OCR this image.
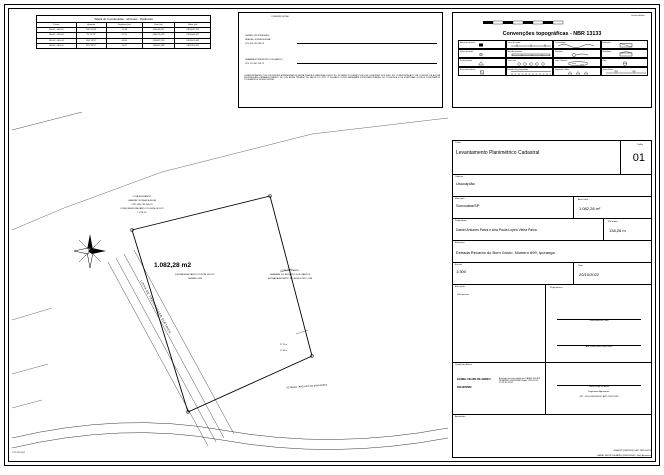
Tabela de Coordenadas - azimutes - Distâncias
Ponto	Azimute	Distância (m)	Este (m)	Norte (m)
M0-01 - M0-02	236°37'09"	17,49	254645,032	7401447,762
M0-02 - M0-03	75°17'05"	27,11	254671,478	7401463,427
M0-03 - M0-04	156°78'12"	45,96	254687,219	7401441,482
M0-04 - M0-01	221°39'17"	15,47	254661,438	7401411,437
CONFERIR NOTAS
OWNER / PROPRIETÁRIO
GRACIELI FONSECA SILVA
CPF: 855.746.768-73
GRAVAME ET/REGISTRO DOS SANTOS
CPF: 112.567.228-75
CONFRONTANTES COM OS IMÓVEIS APRESENTADOS NESTA PLANTA E MEMORIAL ÚNICO NO TOCANTE DO ESPAÇO EM QUE CONFIRMO DOS FINS. FOI CONFRONTAÇÃO COM O IMÓVEL DE ACQUA PROPRIEDADE ESTABELECIMENTO DE QUE ASSIM TÉRMINO DE VALOR DO TIPO, O ELEVADO OUTRO ARREMATE ESTÁ PARTICIPAÇÃO DO CONJUGUE E DE EVENTUAIS OUTROS CONDÔMINOS TITULARES DE NOSSO IMÓVEL.
Escala Gráfica:
Convenções topográficas - NBR 13133
Marco de concreto	Cerca de arame	Curso d'água	Edificação
Vértice de divisa	Muro de alvenaria	Nascente	Benfeitoria
Ponto de apoio	Cerca viva	Lago / Represa	Poço
Estaca de madeira	Estrada não pavimentada	Vegetação / Mata	Rede elétrica
1.082,28 m2
ESTRADA RECANTO DO BOM GOSTO
NÚMERO 699
CONFRONTANTE:
GRACIELI FONSECA SILVA
CPF: 855.746.768-73
CONDOMÍNIO RECANTO DO BOM GOSTO
LOTE 13
CONFRONTANTE:
GRAVAME DO RECANTO DOS SANTOS
ESTRADA RECANTO DO BOM GOSTO, 699
LINHA DE TRANSMISSÃO ELÉTRICA
ESTRADA - RECANTO DO BOM GOSTO
27,11 m
17,49 m
Título:
Levantamento Planimétrico Cadastral
Folha
01
Objetivo:
Usucapião
Município:
Sorocaba/SP
Área Total:
1.082,28 m²
Proprietário:
Daniel Antunes Paiva e Ana Paula Lopes Vieira Paiva
Perímetro:
138,26 m
Endereço:
Estrada Recanto do Bom Gosto, Número 699, Iporanga
Escala:
1:300
Data:
20/10/2022
Execução:
Visto pessoal
Proprietários:
Daniel Antunes Paiva
Ana Paula Lopes Vieira Paiva
Quadro de Áreas:
DANIEL FELIPE DE ABREU
5641305580
Assinado de forma digital por DANIEL FELIPE DE ABREU:5641305580 Dados: 2022.10.20 17:42:18 -03'00'
Daniel Felipe de Abreu
Engenheiro Agrimensor
CRT - 5641-5069595108 - ART 2232774491
Anotações:
CT-TOPO-001
CREA-SP 5069595035 / ART 28027944170
DANIEL FELIPE DE ABREU (9641305580) - Eng. Agrimensor
